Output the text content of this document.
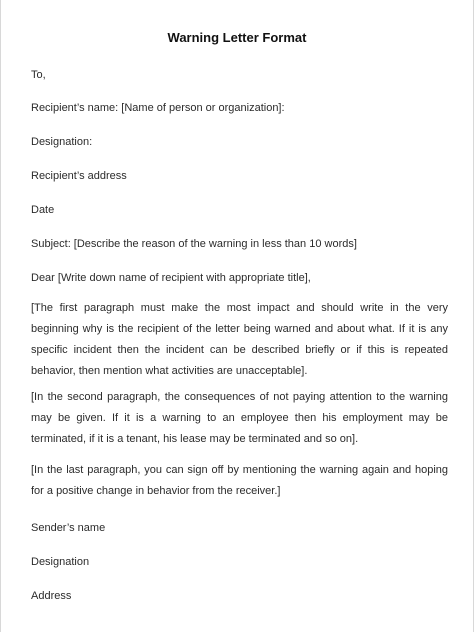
Warning Letter Format
To,
Recipient’s name: [Name of person or organization]:
Designation:
Recipient’s address
Date
Subject: [Describe the reason of the warning in less than 10 words]
Dear [Write down name of recipient with appropriate title],
[The first paragraph must make the most impact and should write in the very beginning why is the recipient of the letter being warned and about what. If it is any specific incident then the incident can be described briefly or if this is repeated behavior, then mention what activities are unacceptable].
[In the second paragraph, the consequences of not paying attention to the warning may be given. If it is a warning to an employee then his employment may be terminated, if it is a tenant, his lease may be terminated and so on].
[In the last paragraph, you can sign off by mentioning the warning again and hoping for a positive change in behavior from the receiver.]
Sender’s name
Designation
Address
